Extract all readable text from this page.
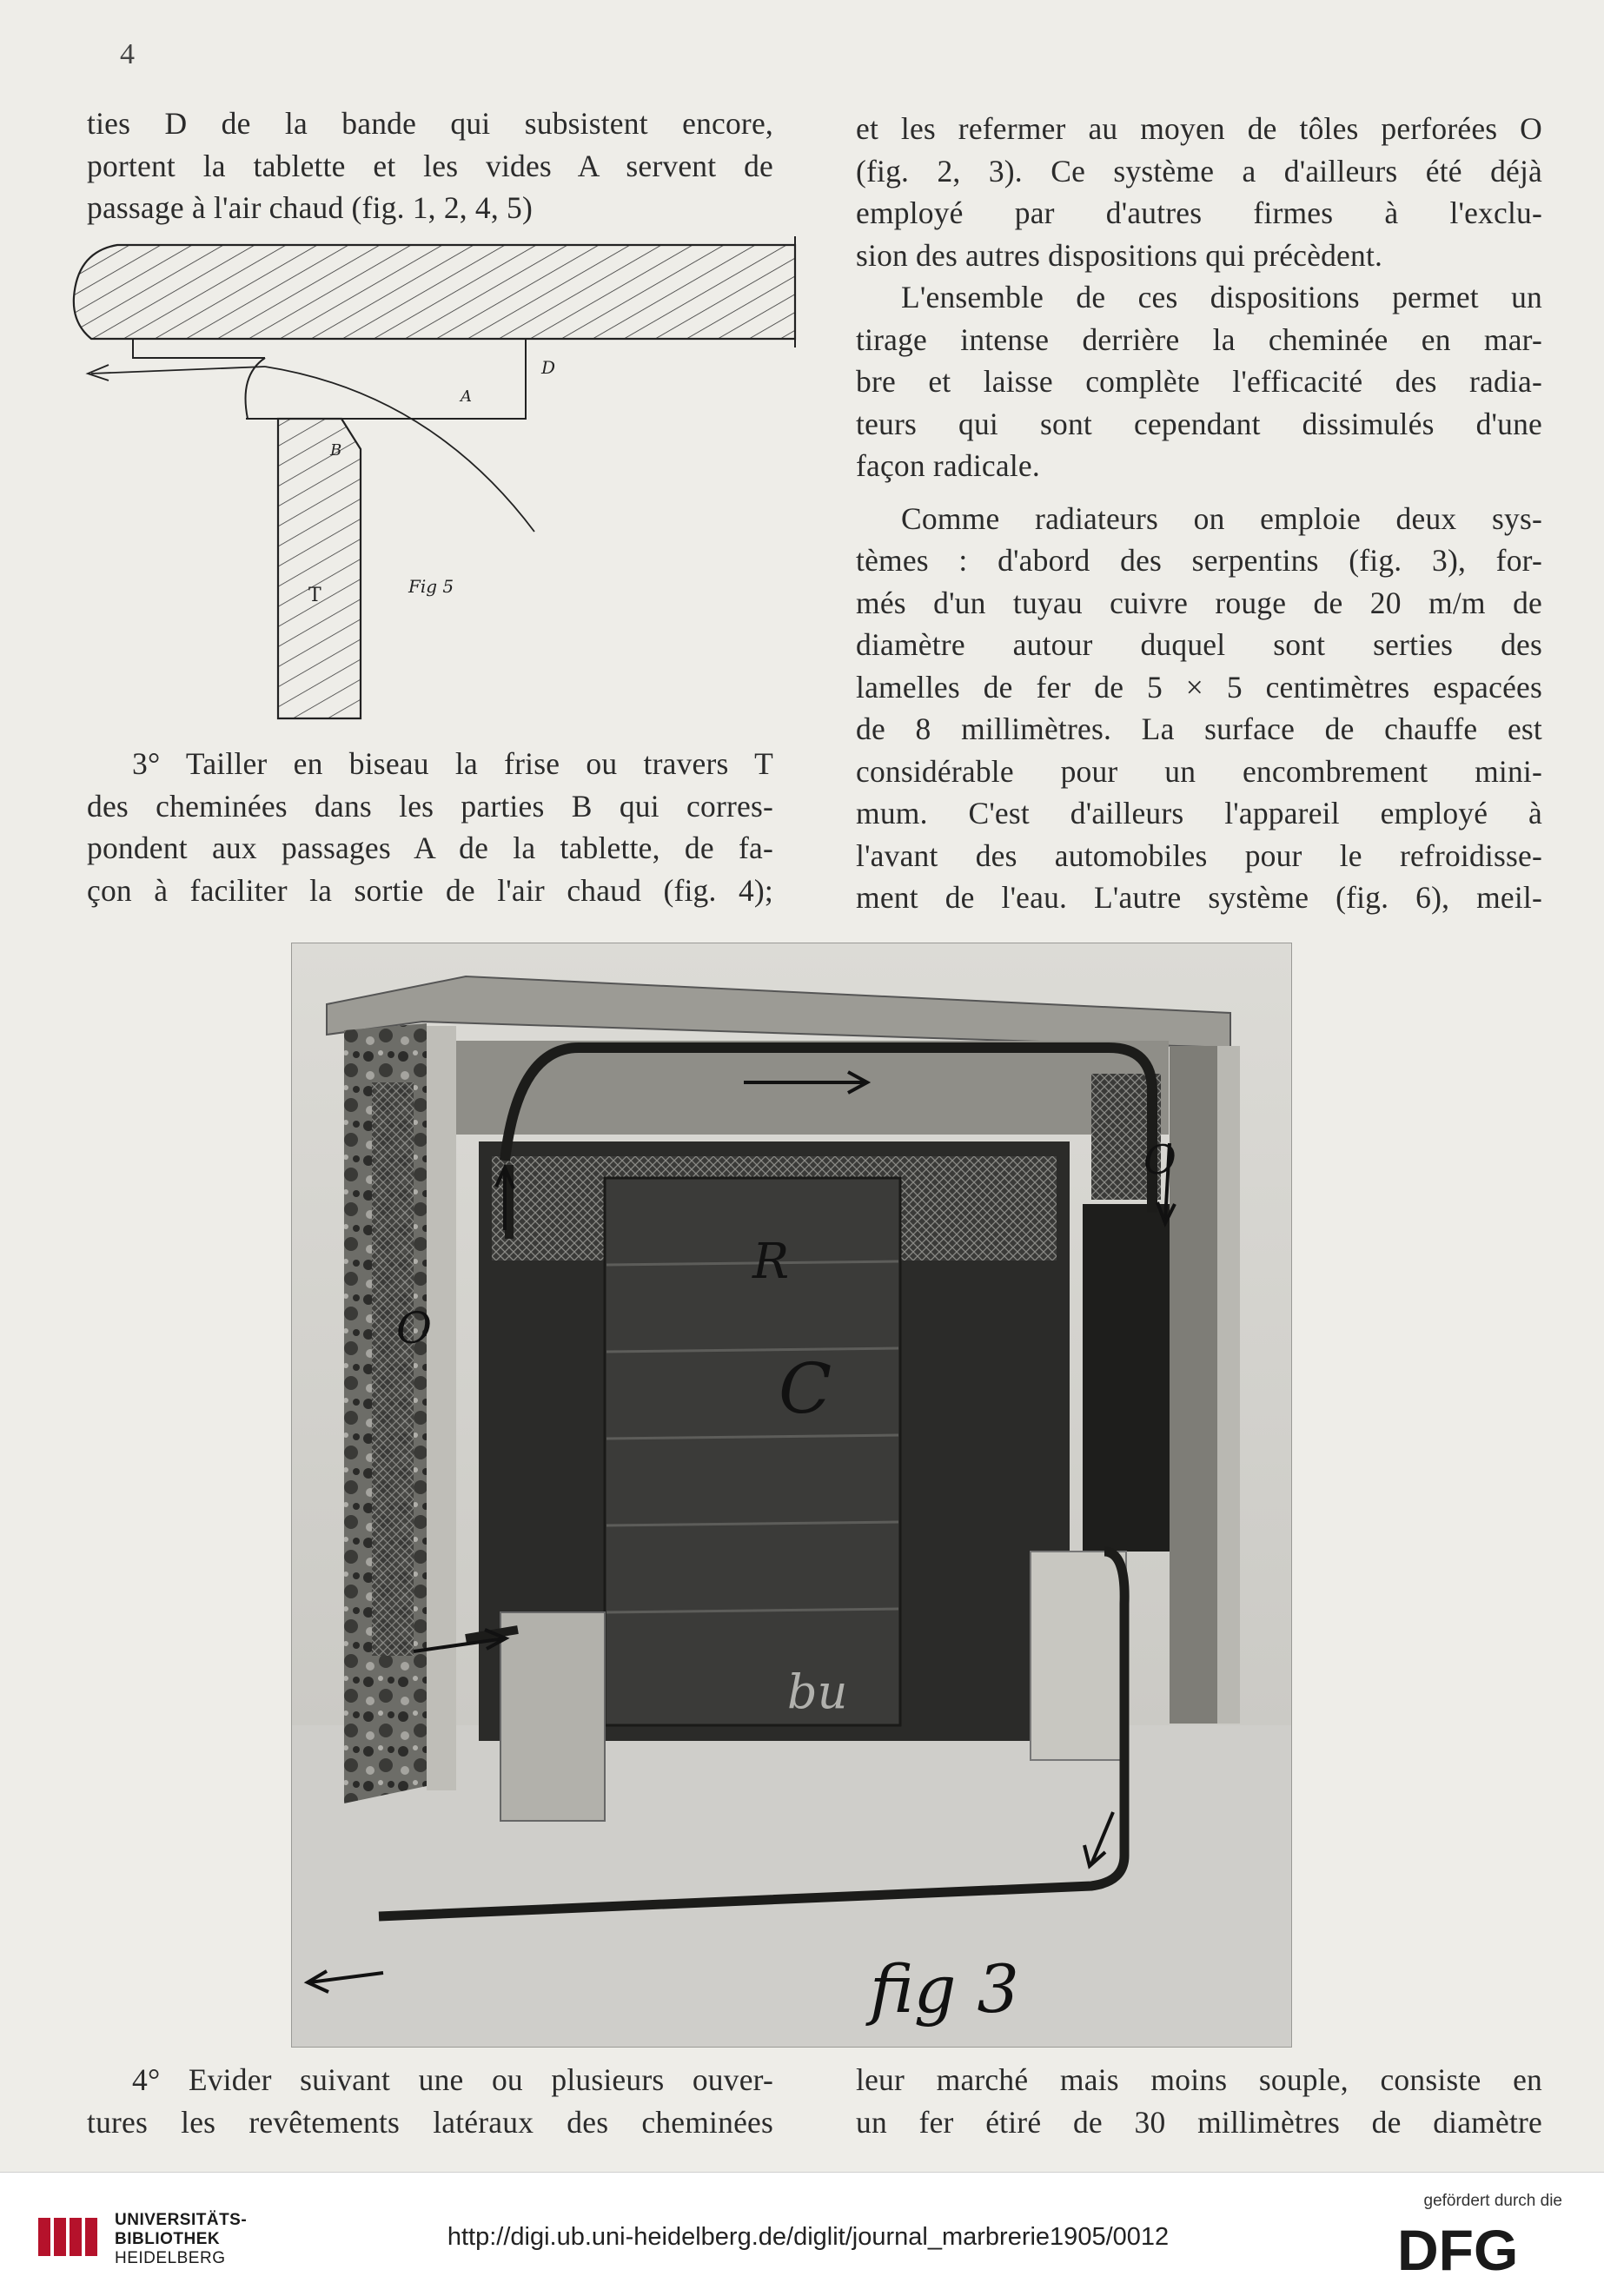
4

ties D de la bande qui subsistent encore,

portent la tablette et les vides A servent de

passage à l'air chaud (fig. 1, 2, 4, 5)

A
D
B
T	Fig 5

3° Tailler en biseau la frise ou travers T

des cheminées dans les parties B qui corres-

pondent aux passages A de la tablette, de fa-

çon à faciliter la sortie de l'air chaud (fig. 4);

et les refermer au moyen de tôles perforées O

(fig. 2, 3). Ce système a d'ailleurs été déjà

employé par d'autres firmes à l'exclu-

sion des autres dispositions qui précèdent.

L'ensemble de ces dispositions permet un

tirage intense derrière la cheminée en mar-

bre et laisse complète l'efficacité des radia-

teurs qui sont cependant dissimulés d'une

façon radicale.

Comme radiateurs on emploie deux sys-

tèmes : d'abord des serpentins (fig. 3), for-

més d'un tuyau cuivre rouge de 20 m/m de

diamètre autour duquel sont serties des

lamelles de fer de 5 × 5 centimètres espacées

de 8 millimètres. La surface de chauffe est

considérable pour un encombrement mini-

mum. C'est d'ailleurs l'appareil employé à

l'avant des automobiles pour le refroidisse-

ment de l'eau. L'autre système (fig. 6), meil-

O
O
R
C
bu
fig 3

4° Evider suivant une ou plusieurs ouver-

tures les revêtements latéraux des cheminées

leur marché mais moins souple, consiste en

un fer étiré de 30 millimètres de diamètre

UNIVERSITÄTS-
BIBLIOTHEK
HEIDELBERG
http://digi.ub.uni-heidelberg.de/diglit/journal_marbrerie1905/0012
gefördert durch die
DFG
